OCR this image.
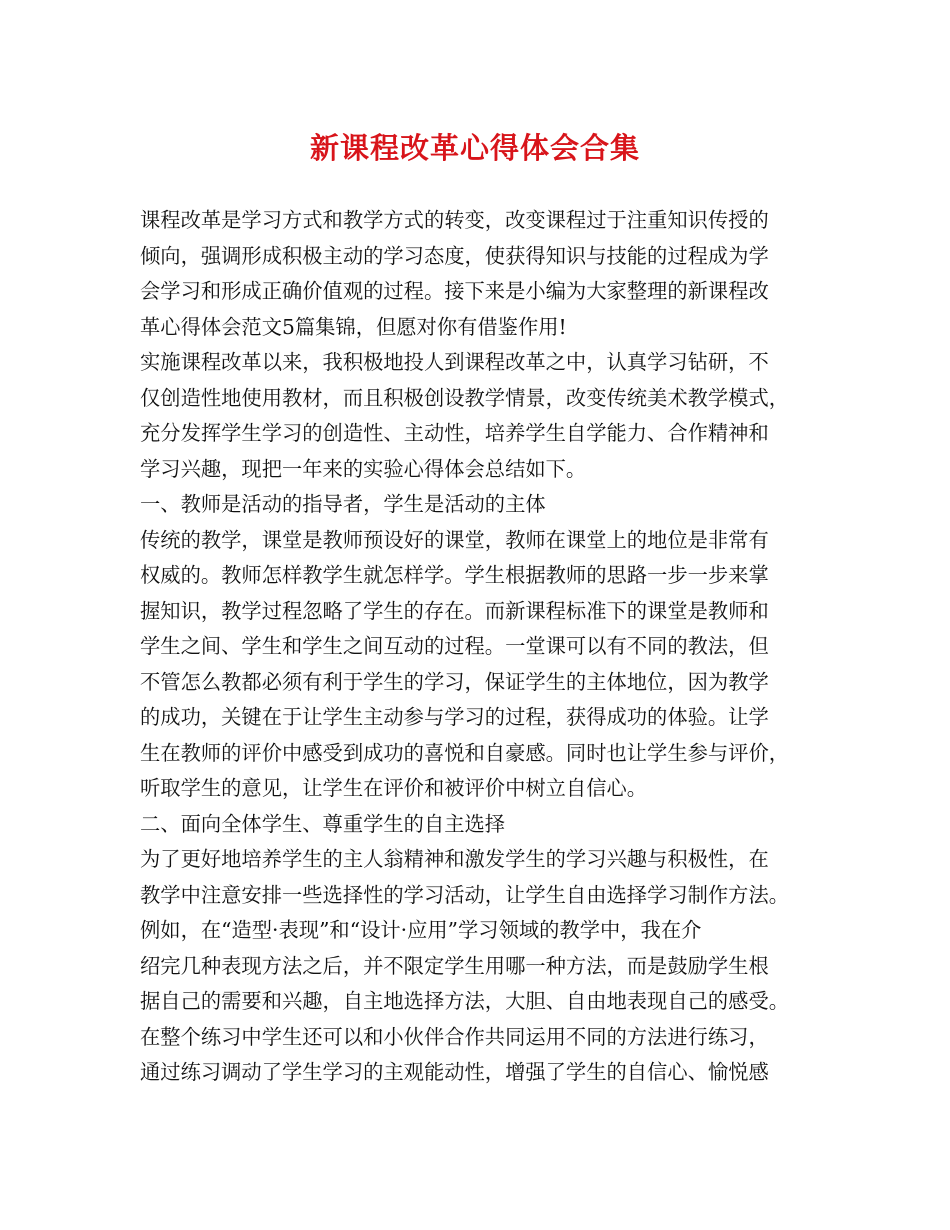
新课程改革心得体会合集
课程改革是学习方式和教学方式的转变，改变课程过于注重知识传授的
倾向，强调形成积极主动的学习态度，使获得知识与技能的过程成为学
会学习和形成正确价值观的过程。接下来是小编为大家整理的新课程改
革心得体会范文5篇集锦，但愿对你有借鉴作用!
实施课程改革以来，我积极地投人到课程改革之中，认真学习钻研，不
仅创造性地使用教材，而且积极创设教学情景，改变传统美术教学模式，
充分发挥学生学习的创造性、主动性，培养学生自学能力、合作精神和
学习兴趣，现把一年来的实验心得体会总结如下。
一、教师是活动的指导者，学生是活动的主体
传统的教学，课堂是教师预设好的课堂，教师在课堂上的地位是非常有
权威的。教师怎样教学生就怎样学。学生根据教师的思路一步一步来掌
握知识，教学过程忽略了学生的存在。而新课程标准下的课堂是教师和
学生之间、学生和学生之间互动的过程。一堂课可以有不同的教法，但
不管怎么教都必须有利于学生的学习，保证学生的主体地位，因为教学
的成功，关键在于让学生主动参与学习的过程，获得成功的体验。让学
生在教师的评价中感受到成功的喜悦和自豪感。同时也让学生参与评价，
听取学生的意见，让学生在评价和被评价中树立自信心。
二、面向全体学生、尊重学生的自主选择
为了更好地培养学生的主人翁精神和激发学生的学习兴趣与积极性，在
教学中注意安排一些选择性的学习活动，让学生自由选择学习制作方法。
例如，在“造型·表现”和“设计·应用”学习领域的教学中，我在介
绍完几种表现方法之后，并不限定学生用哪一种方法，而是鼓励学生根
据自己的需要和兴趣，自主地选择方法，大胆、自由地表现自己的感受。
在整个练习中学生还可以和小伙伴合作共同运用不同的方法进行练习，
通过练习调动了学生学习的主观能动性，增强了学生的自信心、愉悦感
